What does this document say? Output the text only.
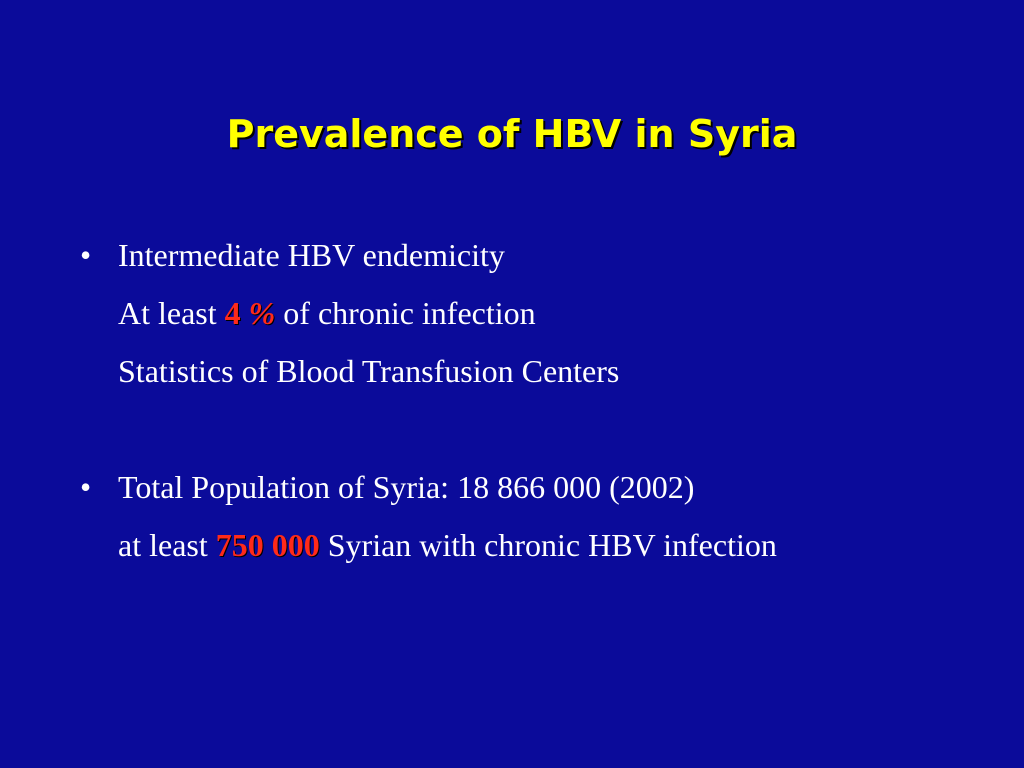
Prevalence of HBV in Syria
• Intermediate HBV endemicity
At least 4 % of chronic infection
Statistics of Blood Transfusion Centers
• Total Population of Syria: 18 866 000 (2002)
at least 750 000 Syrian with chronic HBV infection
